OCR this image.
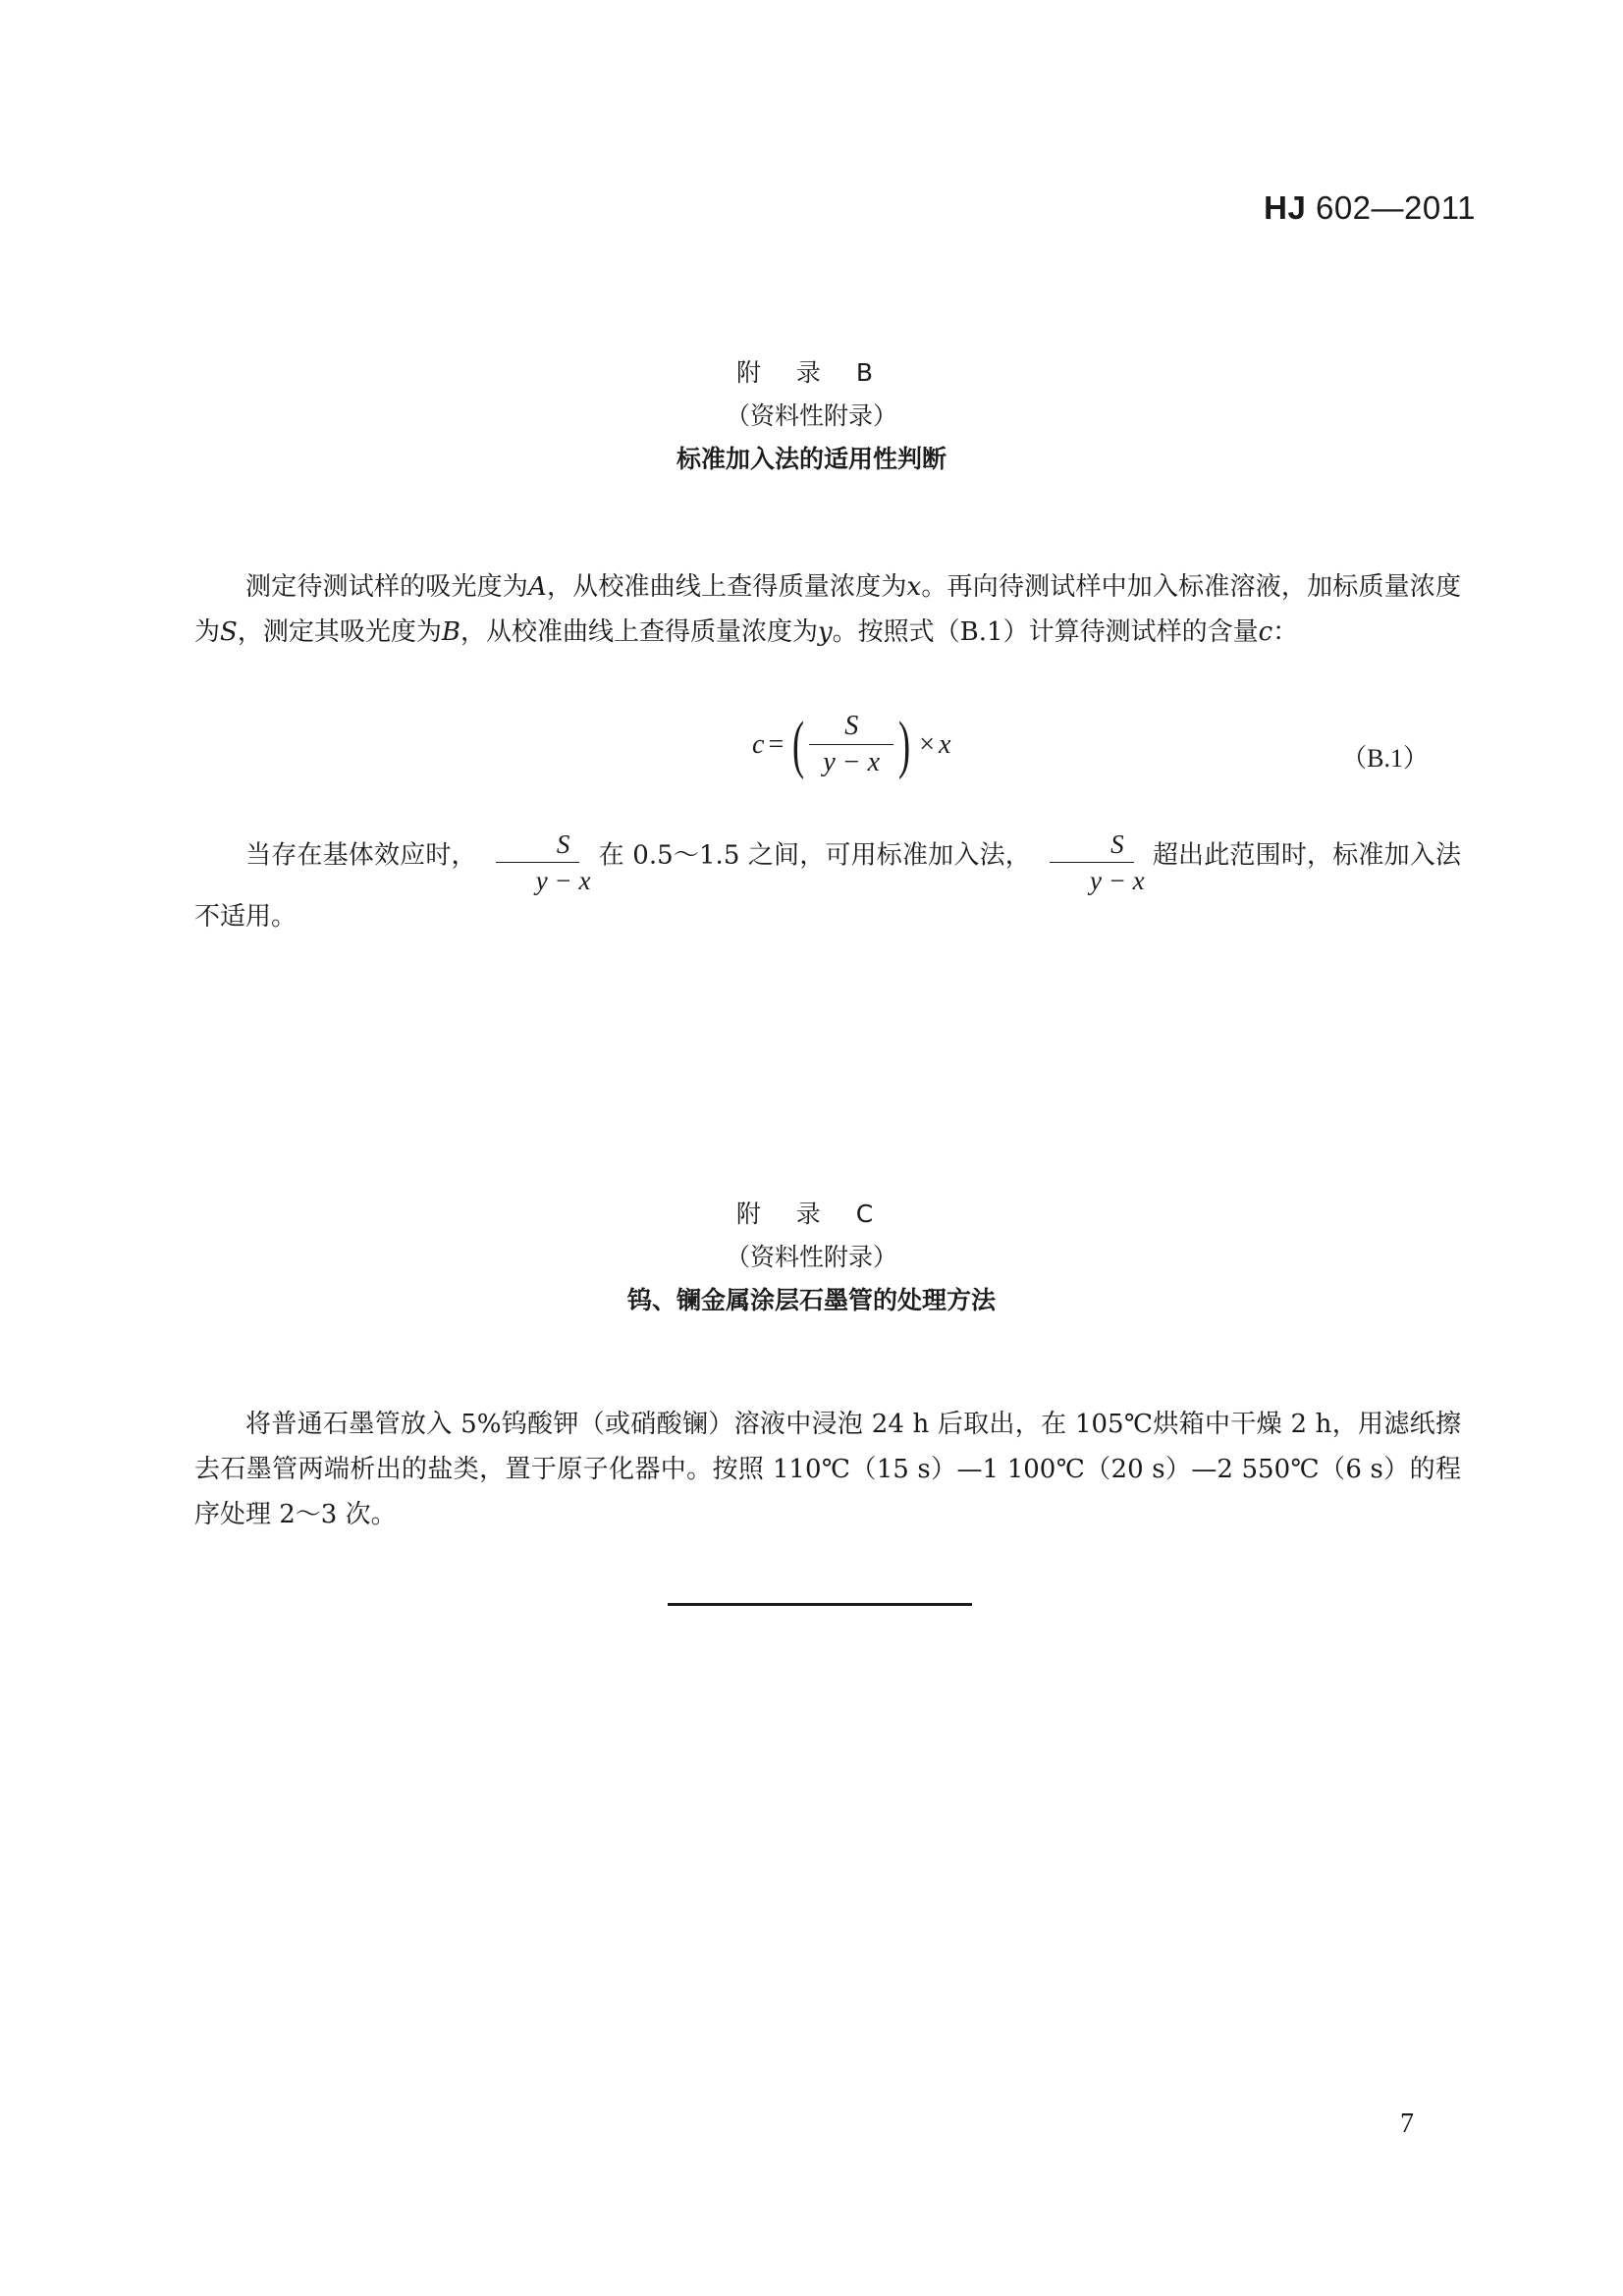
HJ 602—2011
附 录 B
（资料性附录）
标准加入法的适用性判断

测定待测试样的吸光度为A，从校准曲线上查得质量浓度为x。再向待测试样中加入标准溶液，加标质量浓度为S，测定其吸光度为B，从校准曲线上查得质量浓度为y。按照式（B.1）计算待测试样的含量c：

c = ( $\frac{S}{y - x}$ ) × x	（B.1）

当存在基体效应时， $\frac{S}{y - x}$ 在 0.5～1.5 之间，可用标准加入法， $\frac{S}{y - x}$ 超出此范围时，标准加入法不适用。

附 录 C
（资料性附录）
钨、镧金属涂层石墨管的处理方法

将普通石墨管放入 5%钨酸钾（或硝酸镧）溶液中浸泡 24 h 后取出，在 105℃烘箱中干燥 2 h，用滤纸擦去石墨管两端析出的盐类，置于原子化器中。按照 110℃（15 s）—1 100℃（20 s）—2 550℃（6 s）的程序处理 2～3 次。

7
